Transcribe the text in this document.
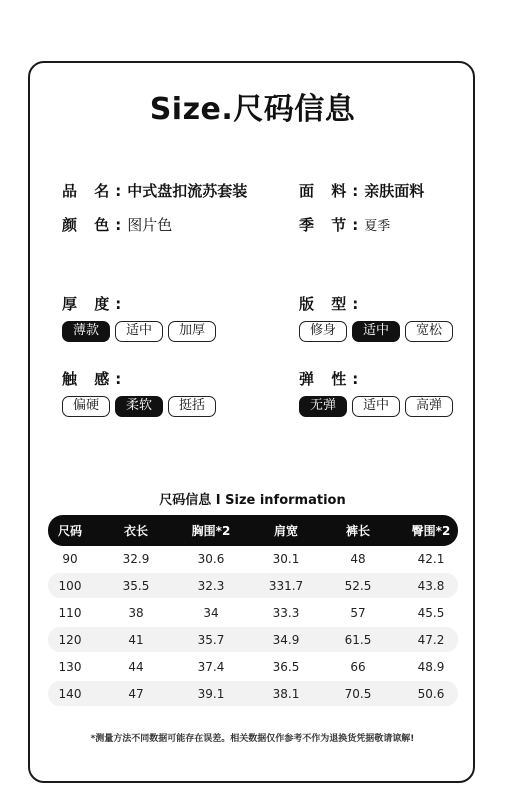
Size.尺码信息
品 名: 中式盘扣流苏套装	面 料: 亲肤面料
颜 色: 图片色	季 节: 夏季
厚 度:
薄款	适中	加厚
版 型:
修身	适中	宽松
触 感:
偏硬	柔软	挺括
弹 性:
无弹	适中	高弹
尺码信息 I Size information
尺码	衣长	胸围*2	肩宽	裤长	臀围*2
90	32.9	30.6	30.1	48	42.1
100	35.5	32.3	331.7	52.5	43.8
110	38	34	33.3	57	45.5
120	41	35.7	34.9	61.5	47.2
130	44	37.4	36.5	66	48.9
140	47	39.1	38.1	70.5	50.6
*测量方法不同数据可能存在误差。相关数据仅作参考不作为退换货凭据敬请谅解!
